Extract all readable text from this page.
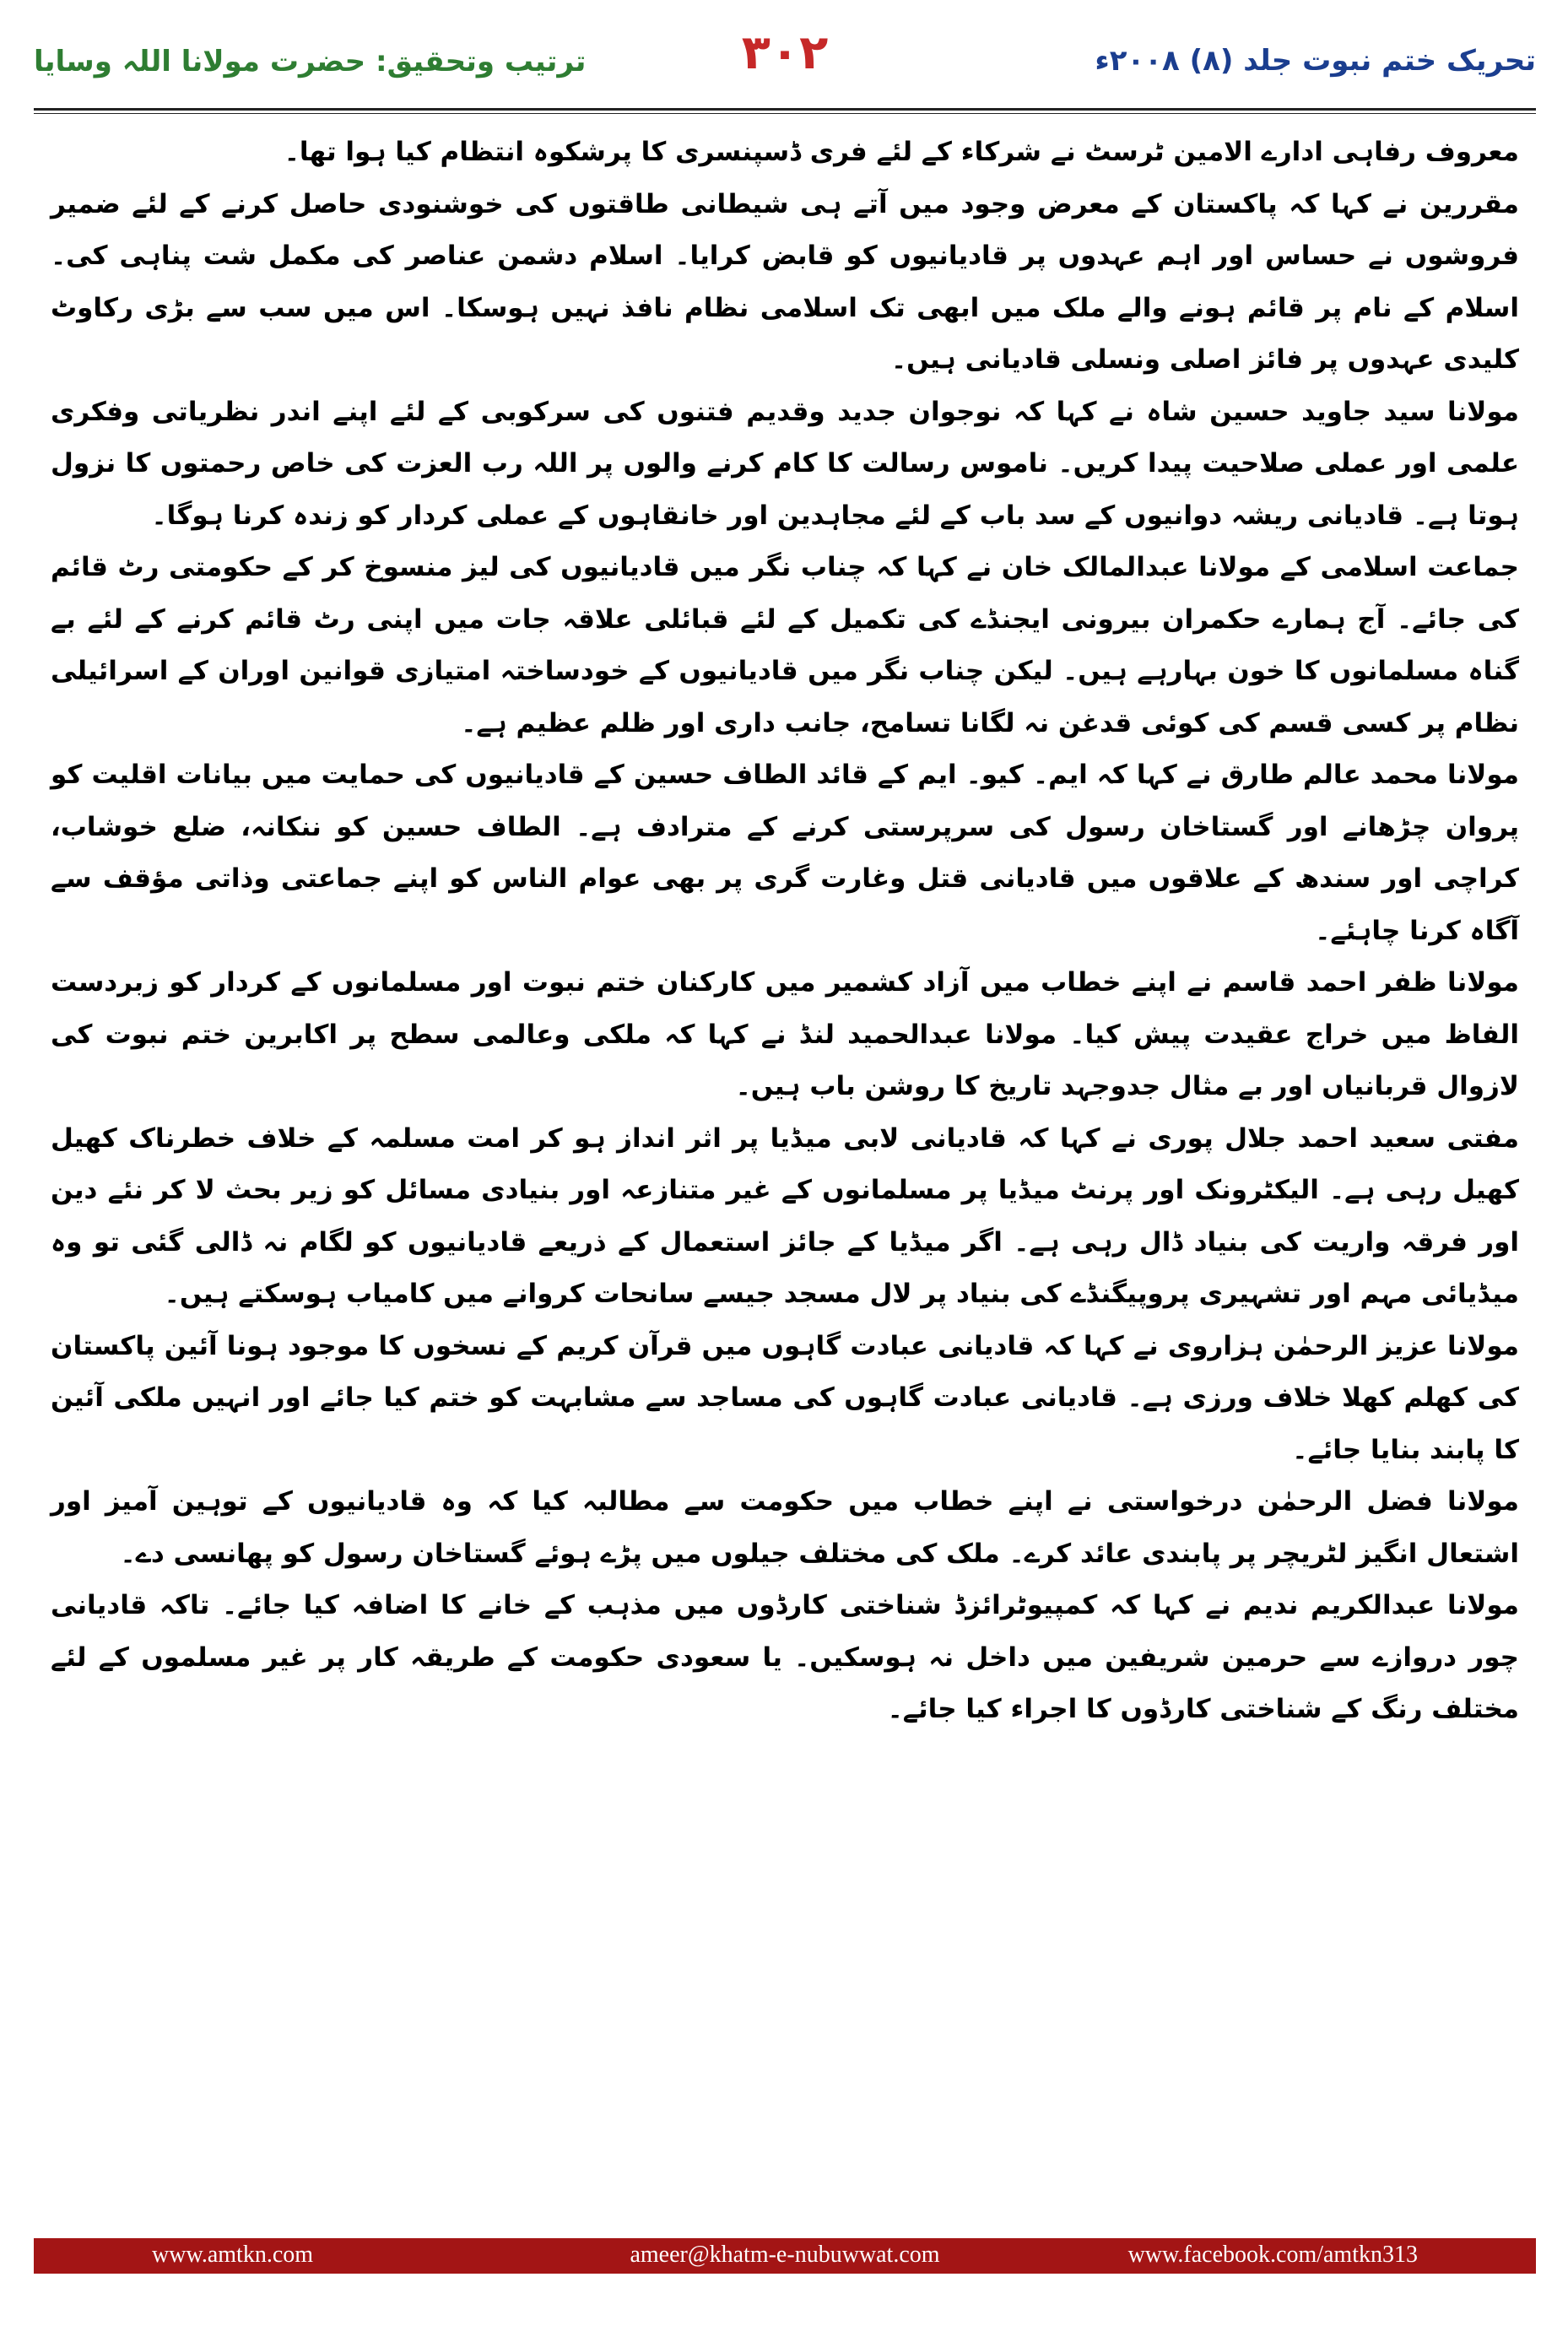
ترتیب وتحقیق: حضرت مولانا اللہ وسایا	۳۰۲	تحریک ختم نبوت جلد (۸) ۲۰۰۸ء

معروف رفاہی ادارے الامین ٹرسٹ نے شرکاء کے لئے فری ڈسپنسری کا پرشکوہ انتظام کیا ہوا تھا۔

مقررین نے کہا کہ پاکستان کے معرض وجود میں آتے ہی شیطانی طاقتوں کی خوشنودی حاصل کرنے کے لئے ضمیر فروشوں نے حساس اور اہم عہدوں پر قادیانیوں کو قابض کرایا۔ اسلام دشمن عناصر کی مکمل شت پناہی کی۔ اسلام کے نام پر قائم ہونے والے ملک میں ابھی تک اسلامی نظام نافذ نہیں ہوسکا۔ اس میں سب سے بڑی رکاوٹ کلیدی عہدوں پر فائز اصلی ونسلی قادیانی ہیں۔

مولانا سید جاوید حسین شاہ نے کہا کہ نوجوان جدید وقدیم فتنوں کی سرکوبی کے لئے اپنے اندر نظریاتی وفکری علمی اور عملی صلاحیت پیدا کریں۔ ناموس رسالت کا کام کرنے والوں پر اللہ رب العزت کی خاص رحمتوں کا نزول ہوتا ہے۔ قادیانی ریشہ دوانیوں کے سد باب کے لئے مجاہدین اور خانقاہوں کے عملی کردار کو زندہ کرنا ہوگا۔

جماعت اسلامی کے مولانا عبدالمالک خان نے کہا کہ چناب نگر میں قادیانیوں کی لیز منسوخ کر کے حکومتی رٹ قائم کی جائے۔ آج ہمارے حکمران بیرونی ایجنڈے کی تکمیل کے لئے قبائلی علاقہ جات میں اپنی رٹ قائم کرنے کے لئے بے گناہ مسلمانوں کا خون بہارہے ہیں۔ لیکن چناب نگر میں قادیانیوں کے خودساختہ امتیازی قوانین اوران کے اسرائیلی نظام پر کسی قسم کی کوئی قدغن نہ لگانا تسامح، جانب داری اور ظلم عظیم ہے۔

مولانا محمد عالم طارق نے کہا کہ ایم۔ کیو۔ ایم کے قائد الطاف حسین کے قادیانیوں کی حمایت میں بیانات اقلیت کو پروان چڑھانے اور گستاخان رسول کی سرپرستی کرنے کے مترادف ہے۔ الطاف حسین کو ننکانہ، ضلع خوشاب، کراچی اور سندھ کے علاقوں میں قادیانی قتل وغارت گری پر بھی عوام الناس کو اپنے جماعتی وذاتی مؤقف سے آگاہ کرنا چاہئے۔

مولانا ظفر احمد قاسم نے اپنے خطاب میں آزاد کشمیر میں کارکنان ختم نبوت اور مسلمانوں کے کردار کو زبردست الفاظ میں خراج عقیدت پیش کیا۔ مولانا عبدالحمید لنڈ نے کہا کہ ملکی وعالمی سطح پر اکابرین ختم نبوت کی لازوال قربانیاں اور بے مثال جدوجہد تاریخ کا روشن باب ہیں۔

مفتی سعید احمد جلال پوری نے کہا کہ قادیانی لابی میڈیا پر اثر انداز ہو کر امت مسلمہ کے خلاف خطرناک کھیل کھیل رہی ہے۔ الیکٹرونک اور پرنٹ میڈیا پر مسلمانوں کے غیر متنازعہ اور بنیادی مسائل کو زیر بحث لا کر نئے دین اور فرقہ واریت کی بنیاد ڈال رہی ہے۔ اگر میڈیا کے جائز استعمال کے ذریعے قادیانیوں کو لگام نہ ڈالی گئی تو وہ میڈیائی مہم اور تشہیری پروپیگنڈے کی بنیاد پر لال مسجد جیسے سانحات کروانے میں کامیاب ہوسکتے ہیں۔

مولانا عزیز الرحمٰن ہزاروی نے کہا کہ قادیانی عبادت گاہوں میں قرآن کریم کے نسخوں کا موجود ہونا آئین پاکستان کی کھلم کھلا خلاف ورزی ہے۔ قادیانی عبادت گاہوں کی مساجد سے مشابہت کو ختم کیا جائے اور انہیں ملکی آئین کا پابند بنایا جائے۔

مولانا فضل الرحمٰن درخواستی نے اپنے خطاب میں حکومت سے مطالبہ کیا کہ وہ قادیانیوں کے توہین آمیز اور اشتعال انگیز لٹریچر پر پابندی عائد کرے۔ ملک کی مختلف جیلوں میں پڑے ہوئے گستاخان رسول کو پھانسی دے۔

مولانا عبدالکریم ندیم نے کہا کہ کمپیوٹرائزڈ شناختی کارڈوں میں مذہب کے خانے کا اضافہ کیا جائے۔ تاکہ قادیانی چور دروازے سے حرمین شریفین میں داخل نہ ہوسکیں۔ یا سعودی حکومت کے طریقہ کار پر غیر مسلموں کے لئے مختلف رنگ کے شناختی کارڈوں کا اجراء کیا جائے۔

www.amtkn.com	ameer@khatm-e-nubuwwat.com	www.facebook.com/amtkn313
